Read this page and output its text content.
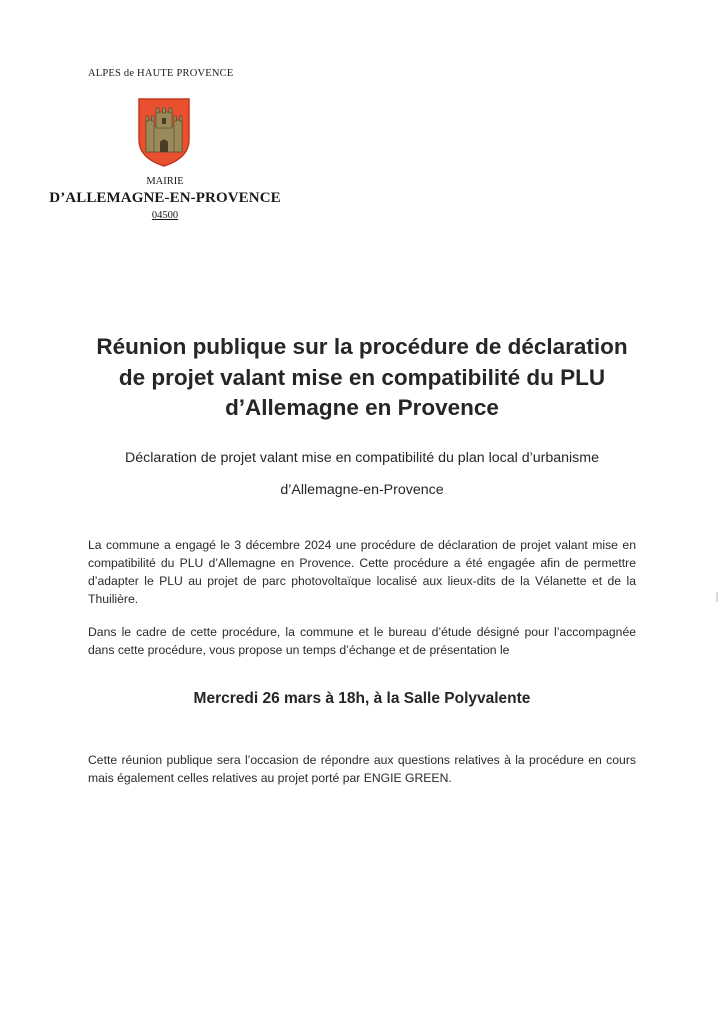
ALPES de HAUTE PROVENCE
MAIRIE
D’ALLEMAGNE-EN-PROVENCE
04500
Réunion publique sur la procédure de déclaration
de projet valant mise en compatibilité du PLU
d’Allemagne en Provence

Déclaration de projet valant mise en compatibilité du plan local d’urbanisme
d’Allemagne-en-Provence

La commune a engagé le 3 décembre 2024 une procédure de déclaration de projet valant mise en compatibilité du PLU d’Allemagne en Provence. Cette procédure a été engagée afin de permettre d’adapter le PLU au projet de parc photovoltaïque localisé aux lieux-dits de la Vélanette et de la Thuilière.

Dans le cadre de cette procédure, la commune et le bureau d’étude désigné pour l’accompagnée dans cette procédure, vous propose un temps d’échange et de présentation le

Mercredi 26 mars à 18h, à la Salle Polyvalente

Cette réunion publique sera l’occasion de répondre aux questions relatives à la procédure en cours mais également celles relatives au projet porté par ENGIE GREEN.
